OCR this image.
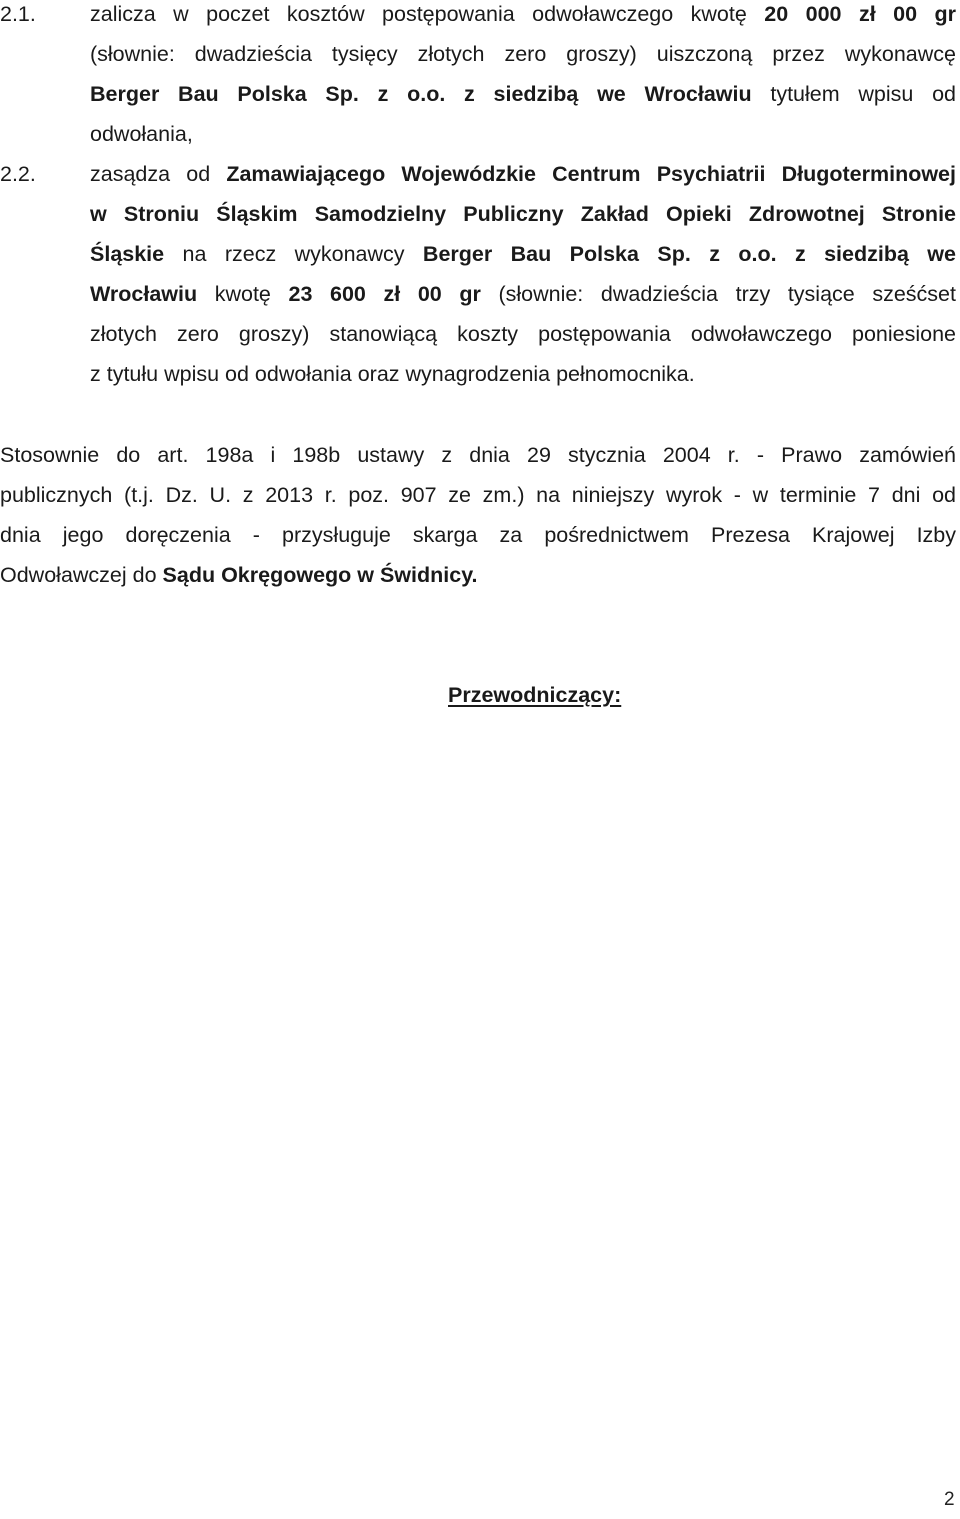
2.1.	zalicza w poczet kosztów postępowania odwoławczego kwotę 20 000 zł 00 gr
(słownie: dwadzieścia tysięcy złotych zero groszy) uiszczoną przez wykonawcę
Berger Bau Polska Sp. z o.o. z siedzibą we Wrocławiu tytułem wpisu od
odwołania,
2.2.	zasądza od Zamawiającego Wojewódzkie Centrum Psychiatrii Długoterminowej
w Stroniu Śląskim Samodzielny Publiczny Zakład Opieki Zdrowotnej Stronie
Śląskie na rzecz wykonawcy Berger Bau Polska Sp. z o.o. z siedzibą we
Wrocławiu kwotę 23 600 zł 00 gr (słownie: dwadzieścia trzy tysiące sześćset
złotych zero groszy) stanowiącą koszty postępowania odwoławczego poniesione
z tytułu wpisu od odwołania oraz wynagrodzenia pełnomocnika.
Stosownie do art. 198a i 198b ustawy z dnia 29 stycznia 2004 r. - Prawo zamówień
publicznych (t.j. Dz. U. z 2013 r. poz. 907 ze zm.) na niniejszy wyrok - w terminie 7 dni od
dnia jego doręczenia - przysługuje skarga za pośrednictwem Prezesa Krajowej Izby
Odwoławczej do Sądu Okręgowego w Świdnicy.
Przewodniczący:
2
